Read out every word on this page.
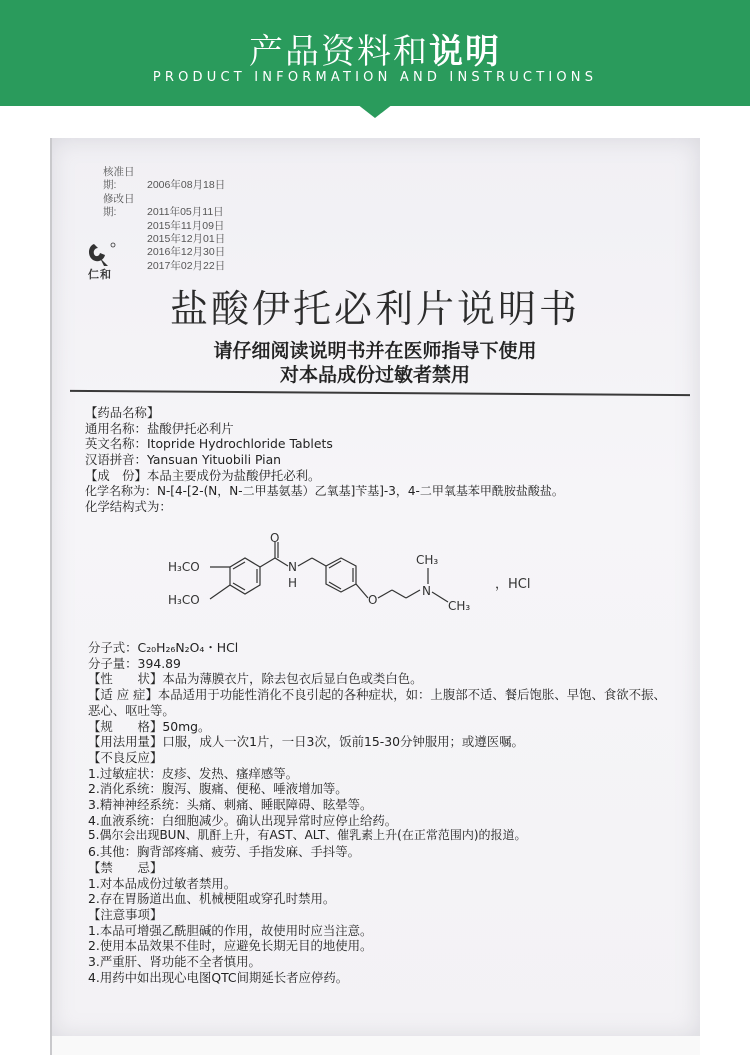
产品资料和说明
PRODUCT INFORMATION AND INSTRUCTIONS
核准日期:	2006年08月18日
修改日期:	2011年05月11日
2015年11月09日
2015年12月01日
2016年12月30日
2017年02月22日
仁和
盐酸伊托必利片说明书
请仔细阅读说明书并在医师指导下使用
对本品成份过敏者禁用
【药品名称】
通用名称：盐酸伊托必利片
英文名称：Itopride Hydrochloride Tablets
汉语拼音：Yansuan Yituobili Pian
【成　份】本品主要成份为盐酸伊托必利。
化学名称为：N-[4-[2-(N，N-二甲基氨基）乙氧基]苄基]-3，4-二甲氧基苯甲酰胺盐酸盐。
化学结构式为：
H₃CO
H₃CO
O
N
H
O
N
CH₃
CH₃
，HCl
分子式：C₂₀H₂₆N₂O₄・HCl
分子量：394.89
【性　　状】本品为薄膜衣片，除去包衣后显白色或类白色。
【适 应 症】本品适用于功能性消化不良引起的各种症状，如：上腹部不适、餐后饱胀、早饱、食欲不振、恶心、呕吐等。
【规　　格】50mg。
【用法用量】口服，成人一次1片，一日3次，饭前15-30分钟服用；或遵医嘱。
【不良反应】
1.过敏症状：皮疹、发热、瘙痒感等。
2.消化系统：腹泻、腹痛、便秘、唾液增加等。
3.精神神经系统：头痛、刺痛、睡眠障碍、眩晕等。
4.血液系统：白细胞减少。确认出现异常时应停止给药。
5.偶尔会出现BUN、肌酐上升，有AST、ALT、催乳素上升(在正常范围内)的报道。
6.其他：胸背部疼痛、疲劳、手指发麻、手抖等。
【禁　　忌】
1.对本品成份过敏者禁用。
2.存在胃肠道出血、机械梗阻或穿孔时禁用。
【注意事项】
1.本品可增强乙酰胆碱的作用，故使用时应当注意。
2.使用本品效果不佳时，应避免长期无目的地使用。
3.严重肝、肾功能不全者慎用。
4.用药中如出现心电图QTC间期延长者应停药。
